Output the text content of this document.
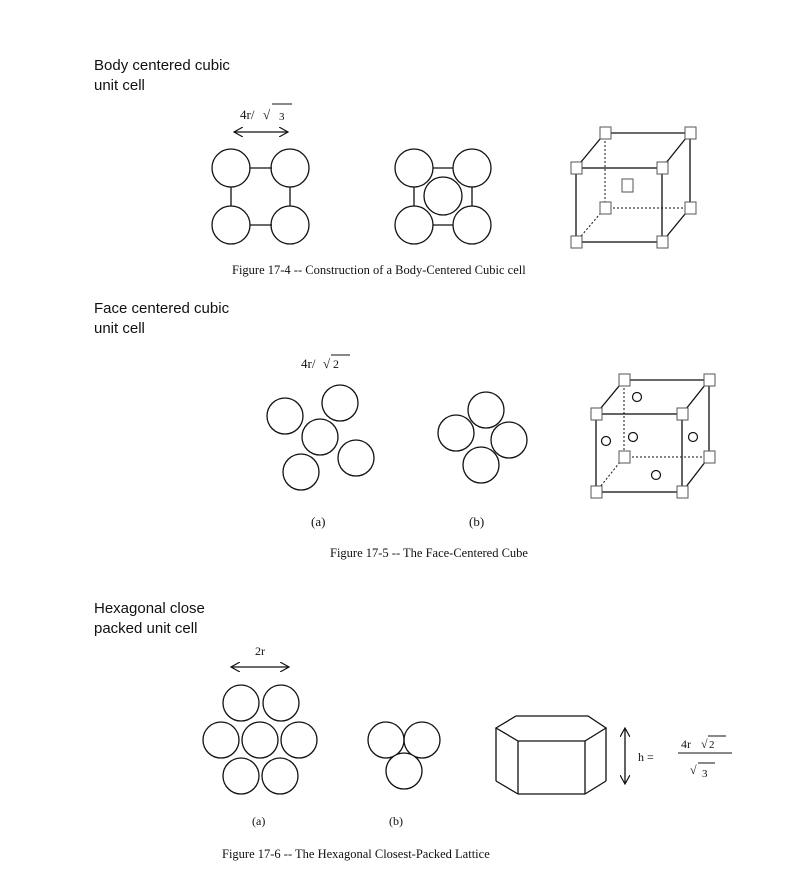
Body centered cubic
unit cell
Face centered cubic
unit cell
Hexagonal close
packed unit cell
Figure 17-4 -- Construction of a Body-Centered Cubic cell
Figure 17-5 -- The Face-Centered Cube
Figure 17-6 -- The Hexagonal Closest-Packed Lattice
4r/ √ 3
4r/ √ 2
(a)	(b)
2r
(a)	(b)
h =
4r √ 2
√ 3
